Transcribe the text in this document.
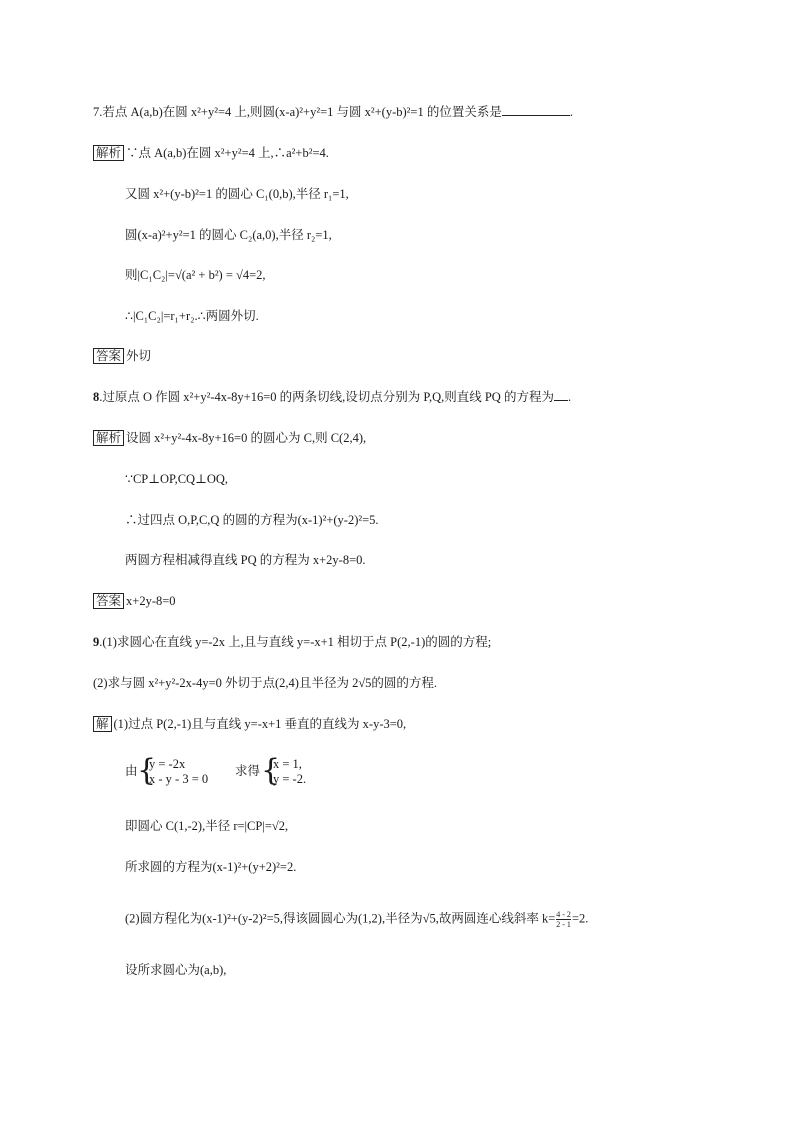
7.若点 A(a,b)在圆 x²+y²=4 上,则圆(x-a)²+y²=1 与圆 x²+(y-b)²=1 的位置关系是	.
解析 ∵点 A(a,b)在圆 x²+y²=4 上,∴a²+b²=4.
又圆 x²+(y-b)²=1 的圆心 C₁(0,b),半径 r₁=1,
圆(x-a)²+y²=1 的圆心 C₂(a,0),半径 r₂=1,
则|C₁C₂|=√(a² + b²) = √4=2,
∴|C₁C₂|=r₁+r₂.∴两圆外切.
答案 外切
8.过原点 O 作圆 x²+y²-4x-8y+16=0 的两条切线,设切点分别为 P,Q,则直线 PQ 的方程为 .
解析 设圆 x²+y²-4x-8y+16=0 的圆心为 C,则 C(2,4),
∵CP⊥OP,CQ⊥OQ,
∴过四点 O,P,C,Q 的圆的方程为(x-1)²+(y-2)²=5.
两圆方程相减得直线 PQ 的方程为 x+2y-8=0.
答案 x+2y-8=0
9.(1)求圆心在直线 y=-2x 上,且与直线 y=-x+1 相切于点 P(2,-1)的圆的方程;
(2)求与圆 x²+y²-2x-4y=0 外切于点(2,4)且半径为 2√5的圆的方程.
解 (1)过点 P(2,-1)且与直线 y=-x+1 垂直的直线为 x-y-3=0,
由 {
y = -2x
x - y - 3 = 0
求得 {
x = 1,
y = -2.
即圆心 C(1,-2),半径 r=|CP|=√2,
所求圆的方程为(x-1)²+(y+2)²=2.
(2)圆方程化为(x-1)²+(y-2)²=5,得该圆圆心为(1,2),半径为√5,故两圆连心线斜率 $k= \frac{4 - 2}{2 - 1} =2$.
设所求圆心为(a,b),
